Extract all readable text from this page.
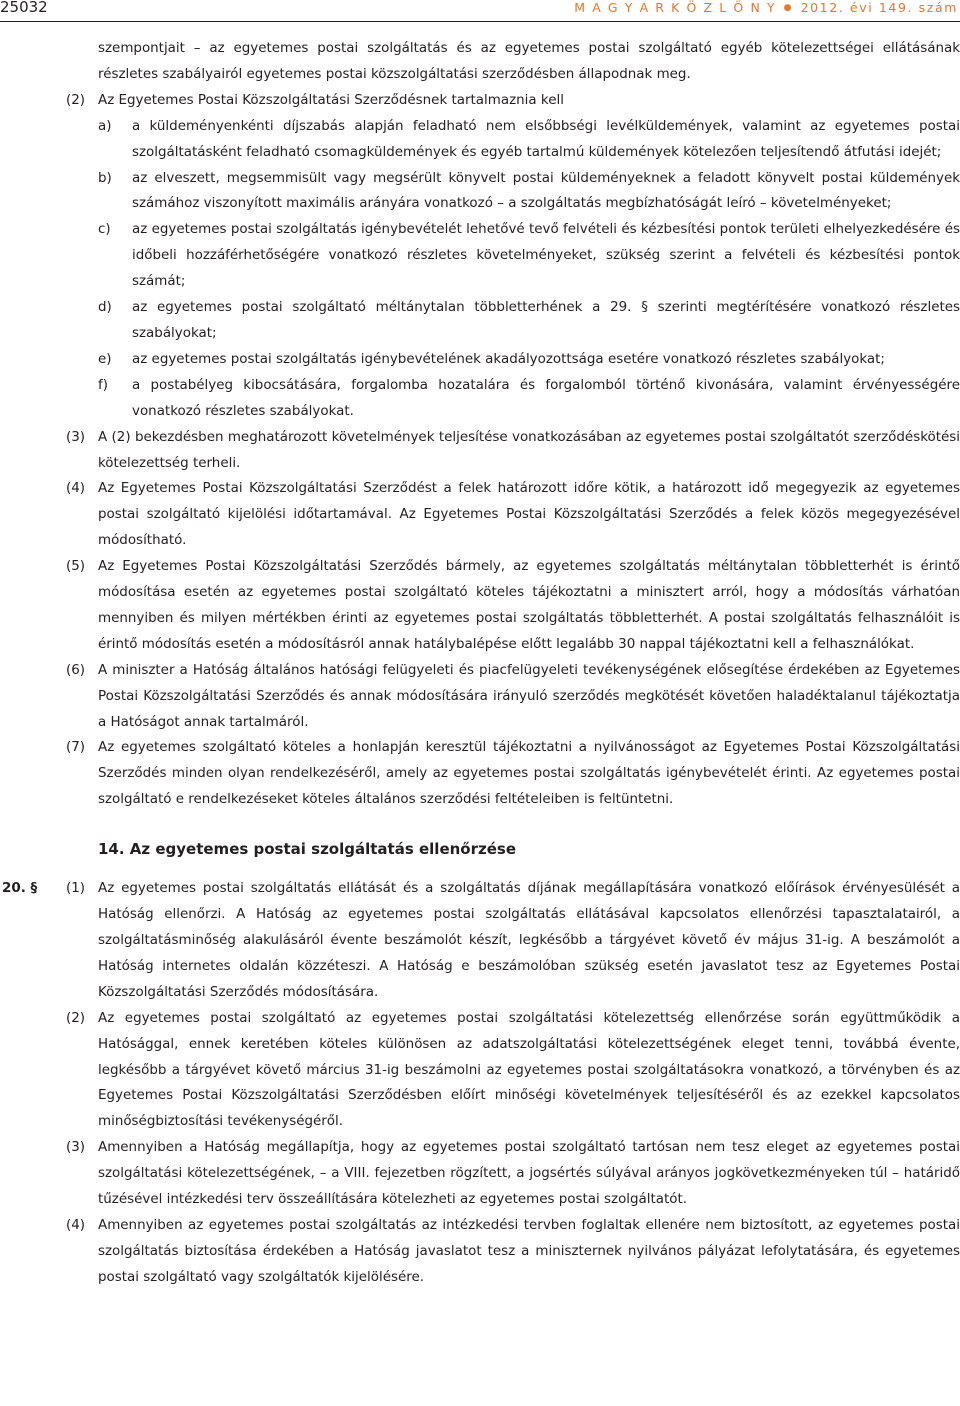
25032	M A G Y A R K Ö Z L Ö N Y ● 2012. évi 149. szám

szempontjait – az egyetemes postai szolgáltatás és az egyetemes postai szolgáltató egyéb kötelezettségei ellátásának részletes szabályairól egyetemes postai közszolgáltatási szerződésben állapodnak meg.

(2) Az Egyetemes Postai Közszolgáltatási Szerződésnek tartalmaznia kell

a) a küldeményenkénti díjszabás alapján feladható nem elsőbbségi levélküldemények, valamint az egyetemes postai szolgáltatásként feladható csomagküldemények és egyéb tartalmú küldemények kötelezően teljesítendő átfutási idejét;

b) az elveszett, megsemmisült vagy megsérült könyvelt postai küldeményeknek a feladott könyvelt postai küldemények számához viszonyított maximális arányára vonatkozó – a szolgáltatás megbízhatóságát leíró – követelményeket;

c) az egyetemes postai szolgáltatás igénybevételét lehetővé tevő felvételi és kézbesítési pontok területi elhelyezkedésére és időbeli hozzáférhetőségére vonatkozó részletes követelményeket, szükség szerint a felvételi és kézbesítési pontok számát;

d) az egyetemes postai szolgáltató méltánytalan többletterhének a 29. § szerinti megtérítésére vonatkozó részletes szabályokat;

e) az egyetemes postai szolgáltatás igénybevételének akadályozottsága esetére vonatkozó részletes szabályokat;

f) a postabélyeg kibocsátására, forgalomba hozatalára és forgalomból történő kivonására, valamint érvényességére vonatkozó részletes szabályokat.

(3) A (2) bekezdésben meghatározott követelmények teljesítése vonatkozásában az egyetemes postai szolgáltatót szerződéskötési kötelezettség terheli.

(4) Az Egyetemes Postai Közszolgáltatási Szerződést a felek határozott időre kötik, a határozott idő megegyezik az egyetemes postai szolgáltató kijelölési időtartamával. Az Egyetemes Postai Közszolgáltatási Szerződés a felek közös megegyezésével módosítható.

(5) Az Egyetemes Postai Közszolgáltatási Szerződés bármely, az egyetemes szolgáltatás méltánytalan többletterhét is érintő módosítása esetén az egyetemes postai szolgáltató köteles tájékoztatni a minisztert arról, hogy a módosítás várhatóan mennyiben és milyen mértékben érinti az egyetemes postai szolgáltatás többletterhét. A postai szolgáltatás felhasználóit is érintő módosítás esetén a módosításról annak hatálybalépése előtt legalább 30 nappal tájékoztatni kell a felhasználókat.

(6) A miniszter a Hatóság általános hatósági felügyeleti és piacfelügyeleti tevékenységének elősegítése érdekében az Egyetemes Postai Közszolgáltatási Szerződés és annak módosítására irányuló szerződés megkötését követően haladéktalanul tájékoztatja a Hatóságot annak tartalmáról.

(7) Az egyetemes szolgáltató köteles a honlapján keresztül tájékoztatni a nyilvánosságot az Egyetemes Postai Közszolgáltatási Szerződés minden olyan rendelkezéséről, amely az egyetemes postai szolgáltatás igénybevételét érinti. Az egyetemes postai szolgáltató e rendelkezéseket köteles általános szerződési feltételeiben is feltüntetni.

14. Az egyetemes postai szolgáltatás ellenőrzése
20. § (1) Az egyetemes postai szolgáltatás ellátását és a szolgáltatás díjának megállapítására vonatkozó előírások érvényesülését a Hatóság ellenőrzi. A Hatóság az egyetemes postai szolgáltatás ellátásával kapcsolatos ellenőrzési tapasztalatairól, a szolgáltatásminőség alakulásáról évente beszámolót készít, legkésőbb a tárgyévet követő év május 31-ig. A beszámolót a Hatóság internetes oldalán közzéteszi. A Hatóság e beszámolóban szükség esetén javaslatot tesz az Egyetemes Postai Közszolgáltatási Szerződés módosítására.

(2) Az egyetemes postai szolgáltató az egyetemes postai szolgáltatási kötelezettség ellenőrzése során együttműködik a Hatósággal, ennek keretében köteles különösen az adatszolgáltatási kötelezettségének eleget tenni, továbbá évente, legkésőbb a tárgyévet követő március 31-ig beszámolni az egyetemes postai szolgáltatásokra vonatkozó, a törvényben és az Egyetemes Postai Közszolgáltatási Szerződésben előírt minőségi követelmények teljesítéséről és az ezekkel kapcsolatos minőségbiztosítási tevékenységéről.

(3) Amennyiben a Hatóság megállapítja, hogy az egyetemes postai szolgáltató tartósan nem tesz eleget az egyetemes postai szolgáltatási kötelezettségének, – a VIII. fejezetben rögzített, a jogsértés súlyával arányos jogkövetkezményeken túl – határidő tűzésével intézkedési terv összeállítására kötelezheti az egyetemes postai szolgáltatót.

(4) Amennyiben az egyetemes postai szolgáltatás az intézkedési tervben foglaltak ellenére nem biztosított, az egyetemes postai szolgáltatás biztosítása érdekében a Hatóság javaslatot tesz a miniszternek nyilvános pályázat lefolytatására, és egyetemes postai szolgáltató vagy szolgáltatók kijelölésére.
